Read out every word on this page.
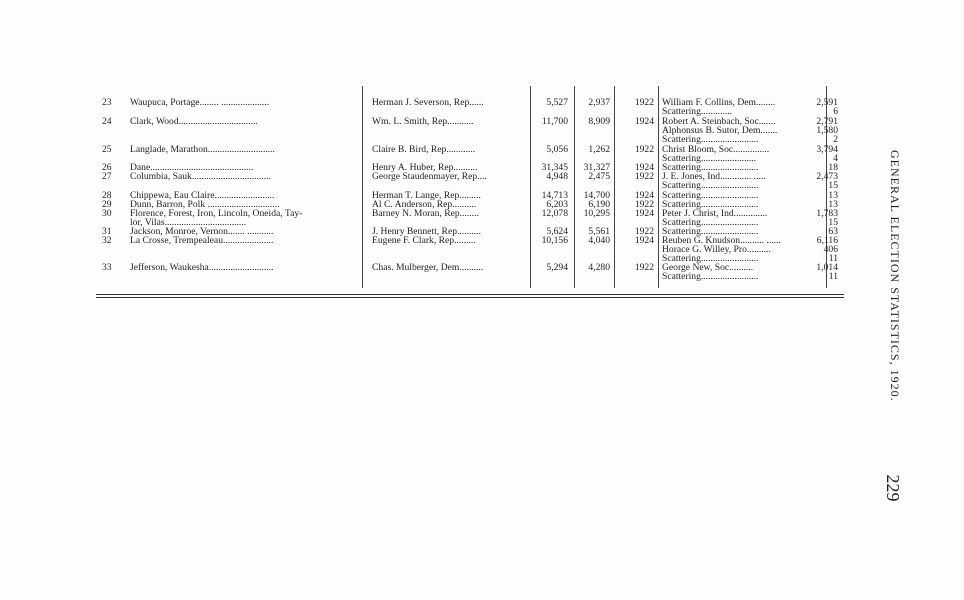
23	Waupuca, Portage........ ....................	Herman J. Severson, Rep......	5,527	2,937	1922 William F. Collins, Dem........	2,591
Scattering.............	6
24	Clark, Wood.................................	Wm. L. Smith, Rep...........	11,700	8,909	1924 Robert A. Steinbach, Soc.......	2,791
Alphonsus B. Sutor, Dem.......	1,580
Scattering........................	2
25	Langlade, Marathon............................	Claire B. Bird, Rep............	5,056	1,262	1922 Christ Bloom, Soc...............	3,794
Scattering.......................	4
26	Dane...........................................	Henry A. Huber, Rep..........	31,345	31,327	1924 Scattering........................	18
27	Columbia, Sauk.................................	George Staudenmayer, Rep....	4,948	2,475	1922 J. E. Jones, Ind............. .....	2,473
Scattering........................	15
28	Chippewa, Eau Claire.........................	Herman T. Lange, Rep.........	14,713	14,700	1924 Scattering........................	13
29	Dunn, Barron, Polk ..............................	Al C. Anderson, Rep..........	6,203	6,190	1922 Scattering........................	13
30	Florence, Forest, Iron, Lincoln, Oneida, Tay-	Barney N. Moran, Rep........	12,078	10,295	1924 Peter J. Christ, Ind..............	1,783
lor, Vilas..................................	Scattering........................	15
31	Jackson, Monroe, Vernon....... ...........	J. Henry Bennett, Rep..........	5,624	5,561	1922 Scattering........................	63
32	La Crosse, Trempealeau.....................	Eugene F. Clark, Rep.........	10,156	4,040	1924 Reuben G. Knudson.......... ......	6,116
Horace G. Willey, Pro..........	406
Scattering........................	11
33	Jefferson, Waukesha...........................	Chas. Mulberger, Dem..........	5,294	4,280	1922 George New, Soc..........	1,014
Scattering........................	11	GENERAL ELECTION STATISTICS, 1920.
229
